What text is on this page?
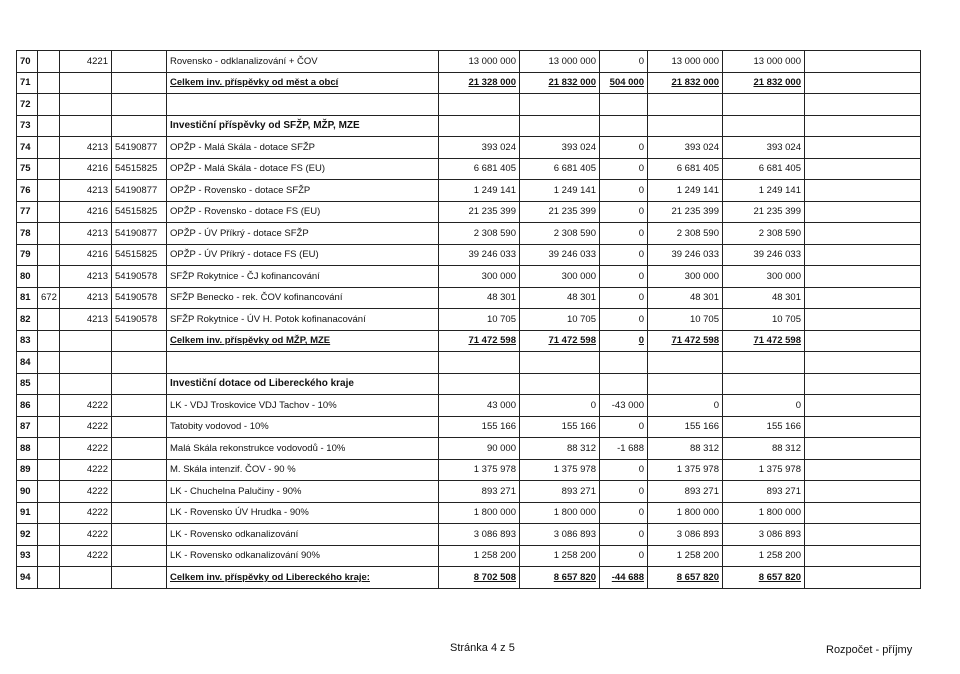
70		4221		Rovensko - odklanalizování + ČOV	13 000 000	13 000 000	0	13 000 000	13 000 000	
71				Celkem inv. příspěvky od měst a obcí	21 328 000	21 832 000	504 000	21 832 000	21 832 000	
72										
73				Investiční příspěvky od SFŽP, MŽP, MZE						
74		4213	54190877	OPŽP - Malá Skála - dotace SFŽP	393 024	393 024	0	393 024	393 024	
75		4216	54515825	OPŽP - Malá Skála - dotace FS (EU)	6 681 405	6 681 405	0	6 681 405	6 681 405	
76		4213	54190877	OPŽP - Rovensko - dotace SFŽP	1 249 141	1 249 141	0	1 249 141	1 249 141	
77		4216	54515825	OPŽP - Rovensko - dotace FS (EU)	21 235 399	21 235 399	0	21 235 399	21 235 399	
78		4213	54190877	OPŽP - ÚV Příkrý - dotace SFŽP	2 308 590	2 308 590	0	2 308 590	2 308 590	
79		4216	54515825	OPŽP - ÚV Příkrý - dotace FS (EU)	39 246 033	39 246 033	0	39 246 033	39 246 033	
80		4213	54190578	SFŽP Rokytnice - ČJ kofinancování	300 000	300 000	0	300 000	300 000	
81	672	4213	54190578	SFŽP Benecko - rek. ČOV kofinancování	48 301	48 301	0	48 301	48 301	
82		4213	54190578	SFŽP Rokytnice - ÚV H. Potok kofinanacování	10 705	10 705	0	10 705	10 705	
83				Celkem inv. příspěvky od MŽP, MZE	71 472 598	71 472 598	0	71 472 598	71 472 598	
84										
85				Investiční dotace od Libereckého kraje						
86		4222		LK - VDJ Troskovice VDJ Tachov - 10%	43 000	0	-43 000	0	0	
87		4222		Tatobity vodovod - 10%	155 166	155 166	0	155 166	155 166	
88		4222		Malá Skála rekonstrukce vodovodů - 10%	90 000	88 312	-1 688	88 312	88 312	
89		4222		M. Skála intenzif. ČOV - 90 %	1 375 978	1 375 978	0	1 375 978	1 375 978	
90		4222		LK - Chuchelna Palučiny - 90%	893 271	893 271	0	893 271	893 271	
91		4222		LK - Rovensko ÚV Hrudka - 90%	1 800 000	1 800 000	0	1 800 000	1 800 000	
92		4222		LK - Rovensko odkanalizování	3 086 893	3 086 893	0	3 086 893	3 086 893	
93		4222		LK - Rovensko odkanalizování 90%	1 258 200	1 258 200	0	1 258 200	1 258 200	
94				Celkem inv. příspěvky od Libereckého kraje:	8 702 508	8 657 820	-44 688	8 657 820	8 657 820	
Stránka 4 z 5	Rozpočet - příjmy
